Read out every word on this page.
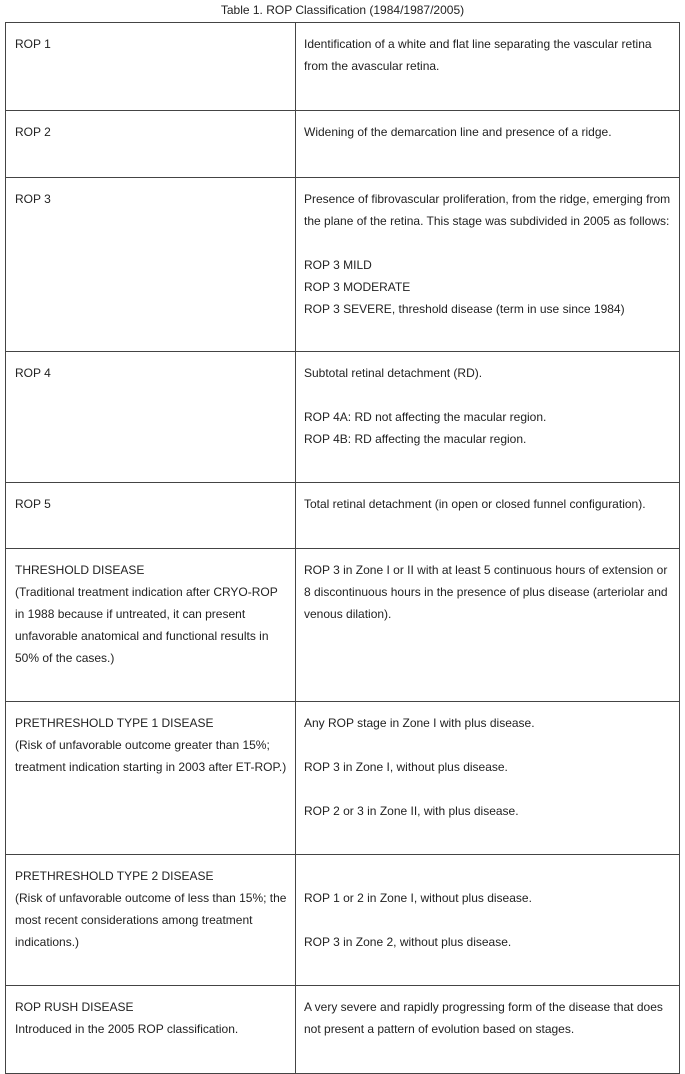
Table 1. ROP Classification (1984/1987/2005)
ROP 1	Identification of a white and flat line separating the vascular retina from the avascular retina.

ROP 2	Widening of the demarcation line and presence of a ridge.

ROP 3	Presence of fibrovascular proliferation, from the ridge, emerging from the plane of the retina. This stage was subdivided in 2005 as follows:
ROP 3 MILD
ROP 3 MODERATE
ROP 3 SEVERE, threshold disease (term in use since 1984)

ROP 4	Subtotal retinal detachment (RD).
ROP 4A: RD not affecting the macular region.
ROP 4B: RD affecting the macular region.

ROP 5	Total retinal detachment (in open or closed funnel configuration).

THRESHOLD DISEASE
(Traditional treatment indication after CRYO-ROP in 1988 because if untreated, it can present unfavorable anatomical and functional results in 50% of the cases.)	ROP 3 in Zone I or II with at least 5 continuous hours of extension or 8 discontinuous hours in the presence of plus disease (arteriolar and venous dilation).

PRETHRESHOLD TYPE 1 DISEASE
(Risk of unfavorable outcome greater than 15%; treatment indication starting in 2003 after ET-ROP.)	Any ROP stage in Zone I with plus disease.
ROP 3 in Zone I, without plus disease.
ROP 2 or 3 in Zone II, with plus disease.

PRETHRESHOLD TYPE 2 DISEASE
(Risk of unfavorable outcome of less than 15%; the most recent considerations among treatment indications.)	ROP 1 or 2 in Zone I, without plus disease.
ROP 3 in Zone 2, without plus disease.

ROP RUSH DISEASE
Introduced in the 2005 ROP classification.	A very severe and rapidly progressing form of the disease that does not present a pattern of evolution based on stages.
